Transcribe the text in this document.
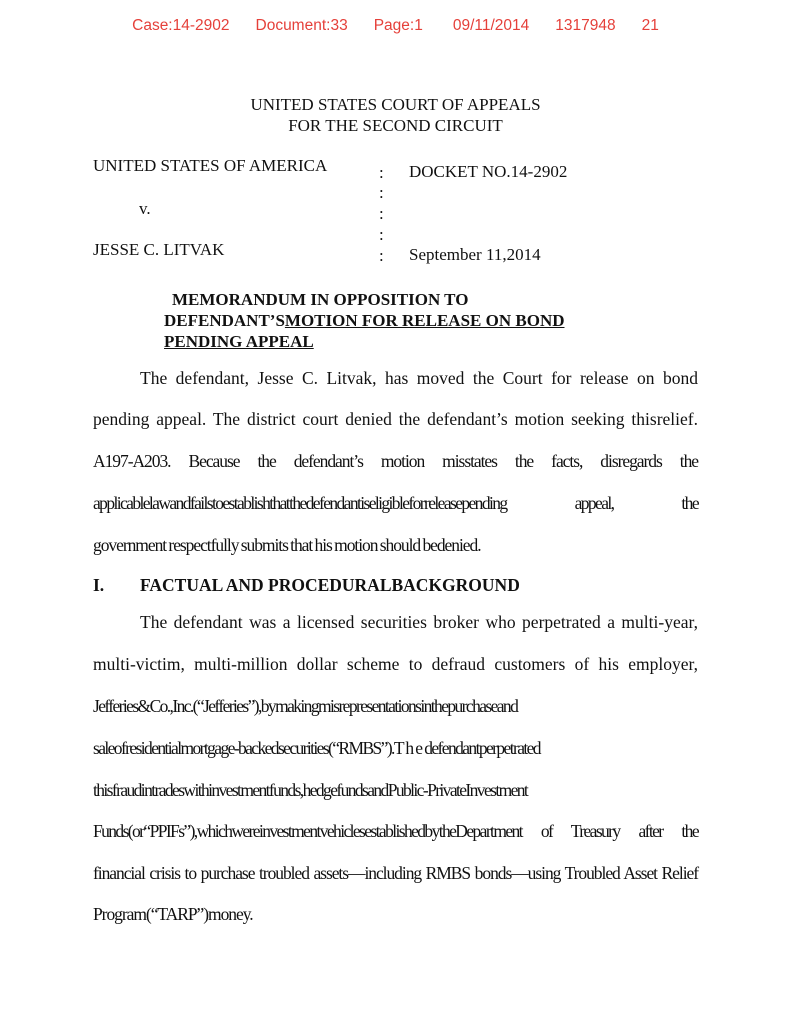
Case:14-2902 Document:33 Page:1 09/11/2014 1317948 21
UNITED STATES COURT OF APPEALS
FOR THE SECOND CIRCUIT
UNITED STATES OF AMERICA
v.
JESSE C. LITVAK
:
:
:
:
:
DOCKET NO.14-2902
September 11,2014
MEMORANDUM IN OPPOSITION TO
DEFENDANT’SMOTION FOR RELEASE ON BOND
PENDING APPEAL
The defendant, Jesse C. Litvak, has moved the Court for release on bond
pending appeal. The district court denied the defendant’s motion seeking thisrelief.
A197-A203. Because the defendant’s motion misstates the facts, disregards the
applicablelawandfailstoestablishthatthedefendantiseligibleforreleasepending appeal, the
government respectfully submits that his motion should bedenied.
I. FACTUAL AND PROCEDURALBACKGROUND
The defendant was a licensed securities broker who perpetrated a multi-year,
multi-victim, multi-million dollar scheme to defraud customers of his employer,
Jefferies&Co.,Inc.(“Jefferies”),bymakingmisrepresentationsinthepurchaseand
saleofresidentialmortgage-backedsecurities(“RMBS”).T h e defendantperpetrated
thisfraudintradeswithinvestmentfunds,hedgefundsandPublic-PrivateInvestment
Funds(or“PPIFs”),whichwereinvestmentvehiclesestablishedbytheDepartment of Treasury after the
financial crisis to purchase troubled assets—including RMBS bonds—using Troubled Asset Relief
Program(“TARP”)money.
